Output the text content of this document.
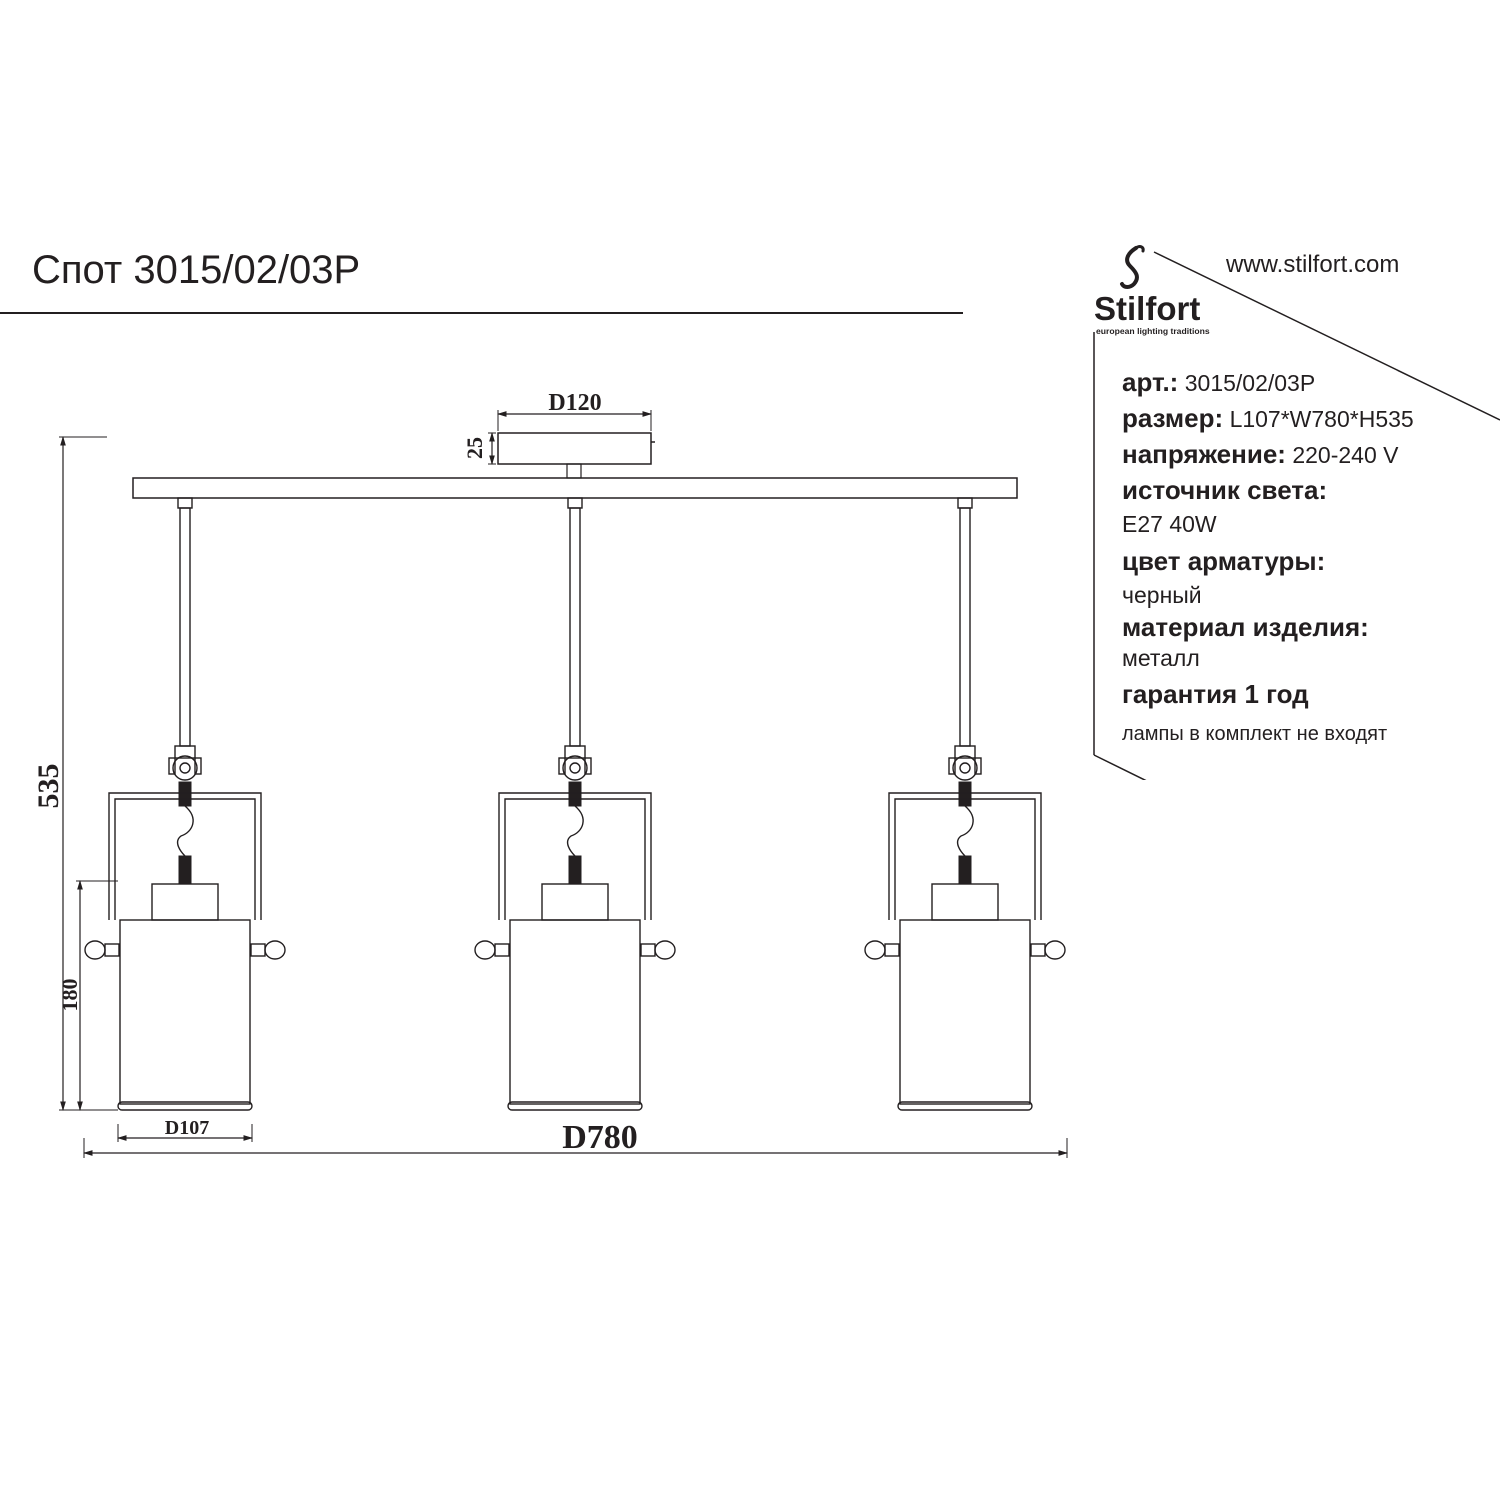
Спот 3015/02/03P
Stilfort
european lighting traditions
www.stilfort.com
арт.: 3015/02/03P
размер: L107*W780*H535
напряжение: 220-240 V
источник света:
E27 40W
цвет арматуры:
черный
материал изделия:
металл
гарантия 1 год
лампы в комплект не входят
D120
25
535
180
D107	D780
